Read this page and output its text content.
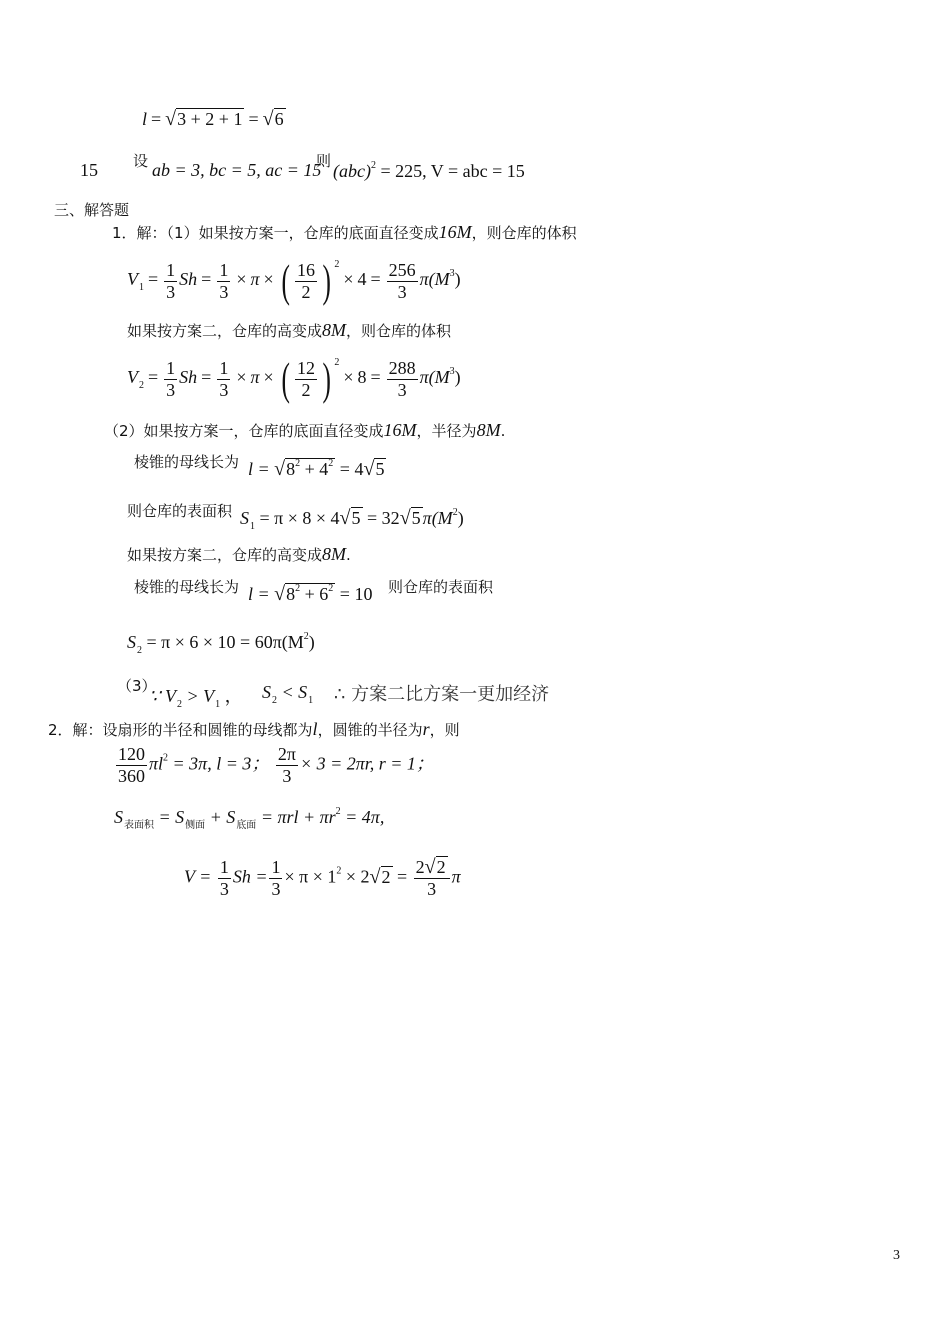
l = √3 + 2 + 1 = √6
15 设 ab = 3, bc = 5, ac = 15
则 (abc)$^2$ = 225, V = abc = 15
三、解答题
1．解：（1）如果按方案一，仓库的底面直径变成16M，则仓库的体积
$V_1 = \frac{1}{3}$ $Sh = \frac{1}{3} \times \pi$ × ( $\frac{16}{2}$ ) $^2\times 4 = \frac{256}{3} \pi(M^3)$
如果按方案二，仓库的高变成8M，则仓库的体积
$V_2 = \frac{1}{3}$ $Sh = \frac{1}{3} \times \pi$ × ( $\frac{12}{2}$ ) $^2\times 8 = \frac{288}{3} \pi(M^3)$
（2）如果按方案一，仓库的底面直径变成16M，半径为8M.
棱锥的母线长为 $l = √8^2 + 4^2 = 4√5$
则仓库的表面积 $S_1 = \pi \times 8 \times 4√5 = 32√5$ $\pi(M^2)$
如果按方案二，仓库的高变成8M.
棱锥的母线长为 $l = √8^2 + 6^2 = 10$ 则仓库的表面积
$S_2 = \pi \times 6 \times 10 = 60\pi(M^2)$
（3）
∵ $V_2 > V_1$ ， $S_2 < S_1$ ∴ 方案二比方案一更加经济
2．解：设扇形的半径和圆锥的母线都为l，圆锥的半径为r，则
$\frac{120}{360} \pi l^2 = 3\pi$, l = 3； $\frac{2\pi}{3} \times 3 = 2\pi r$, r = 1；
$S_{表面积} = S_{侧面} + S_{底面} = \pi rl + \pi r^2 = 4\pi$,
$V = \frac{1}{3}$ $Sh = \frac{1}{3} \times \pi \times 1^2 \times 2√2 = \frac{2√2}{3}$ π
3
